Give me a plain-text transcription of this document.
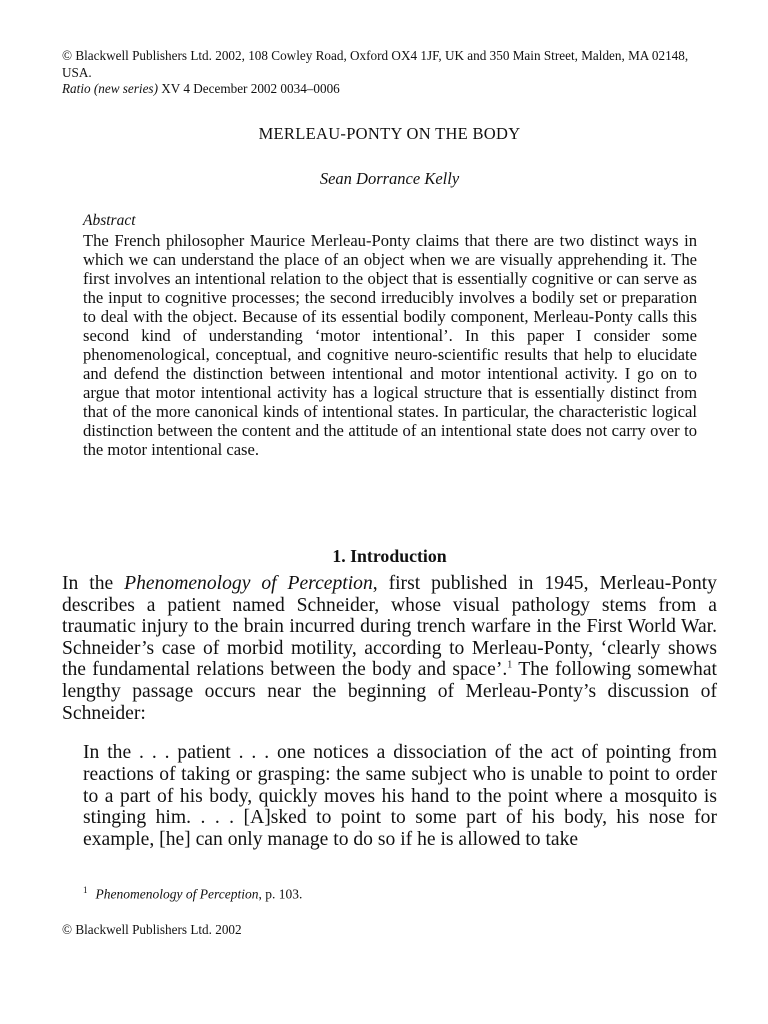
© Blackwell Publishers Ltd. 2002, 108 Cowley Road, Oxford OX4 1JF, UK and 350 Main Street, Malden, MA 02148, USA.
Ratio (new series) XV 4 December 2002 0034–0006
MERLEAU-PONTY ON THE BODY
Sean Dorrance Kelly
Abstract

The French philosopher Maurice Merleau-Ponty claims that there are two distinct ways in which we can understand the place of an object when we are visually apprehending it. The first involves an intentional relation to the object that is essentially cognitive or can serve as the input to cognitive processes; the second irreducibly involves a bodily set or preparation to deal with the object. Because of its essential bodily component, Merleau-Ponty calls this second kind of understanding ‘motor intentional’. In this paper I consider some phenomenological, conceptual, and cognitive neuro-scientific results that help to elucidate and defend the distinction between intentional and motor intentional activity. I go on to argue that motor intentional activity has a logical structure that is essentially distinct from that of the more canonical kinds of intentional states. In particular, the characteristic logical distinction between the content and the attitude of an intentional state does not carry over to the motor intentional case.

1. Introduction

In the Phenomenology of Perception, first published in 1945, Merleau-Ponty describes a patient named Schneider, whose visual pathology stems from a traumatic injury to the brain incurred during trench warfare in the First World War. Schneider’s case of morbid motility, according to Merleau-Ponty, ‘clearly shows the fundamental relations between the body and space’.$^1$ The following somewhat lengthy passage occurs near the beginning of Merleau-Ponty’s discussion of Schneider:

In the . . . patient . . . one notices a dissociation of the act of pointing from reactions of taking or grasping: the same subject who is unable to point to order to a part of his body, quickly moves his hand to the point where a mosquito is stinging him. . . . [A]sked to point to some part of his body, his nose for example, [he] can only manage to do so if he is allowed to take

$^1$ Phenomenology of Perception, p. 103.
© Blackwell Publishers Ltd. 2002
